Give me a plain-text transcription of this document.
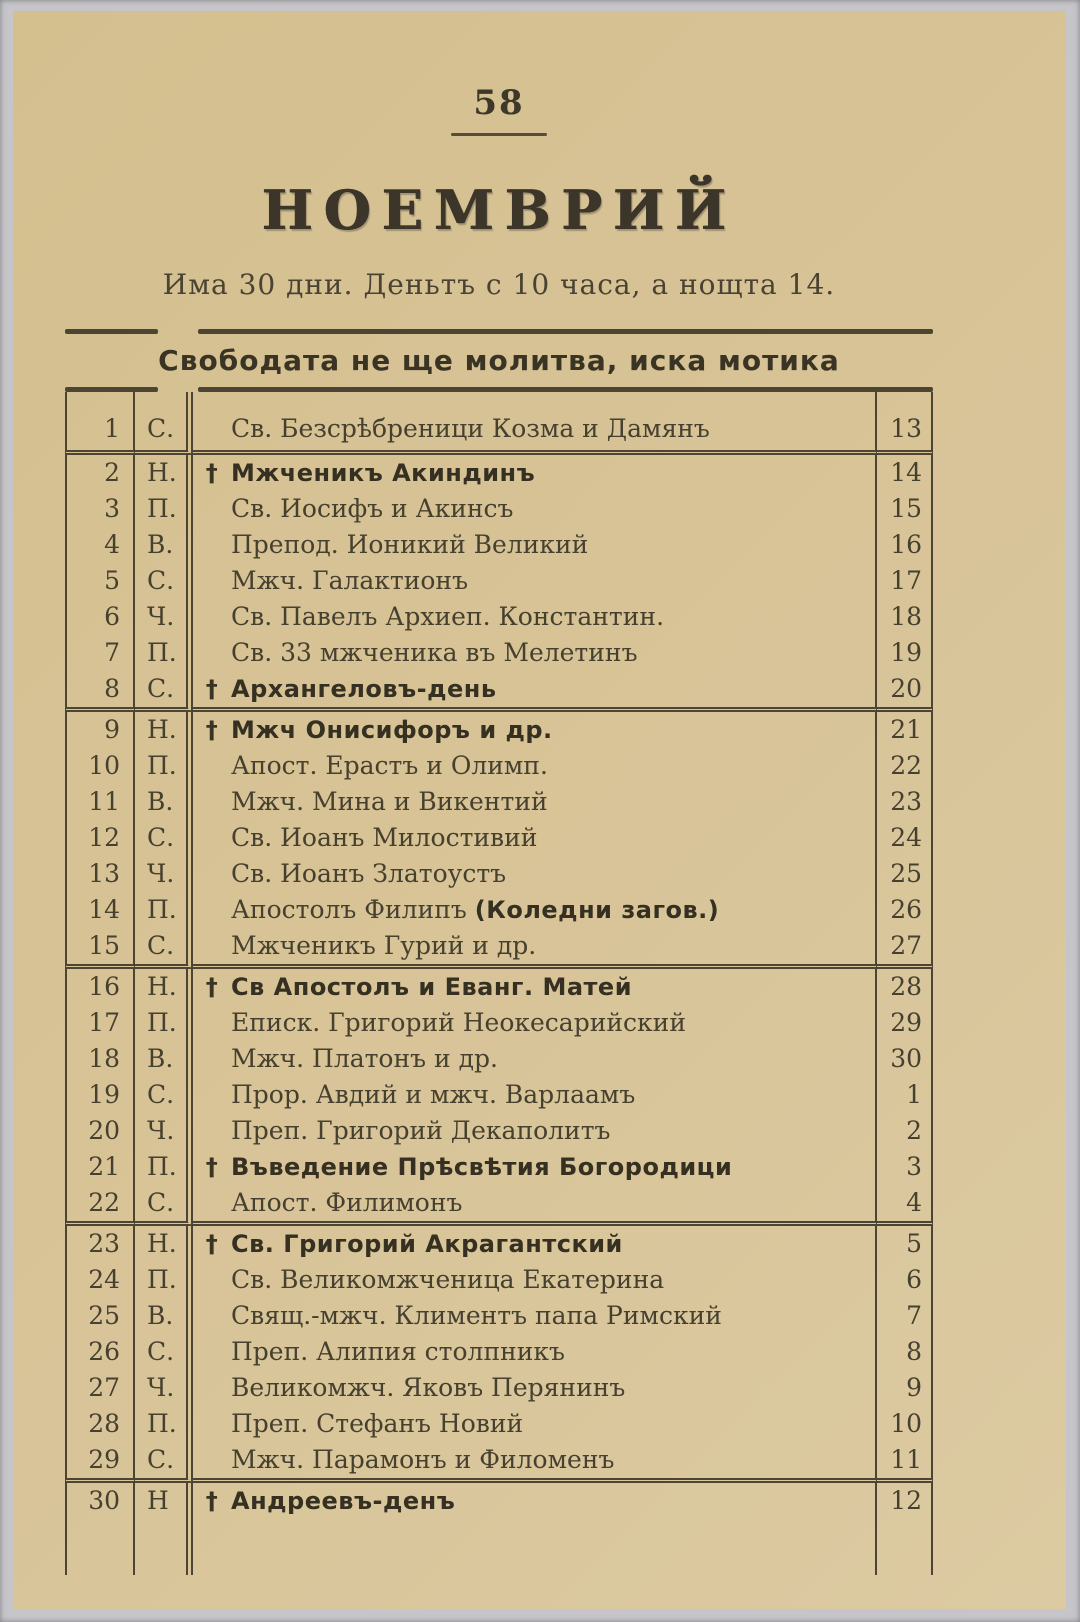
58
НОЕМВРИЙ
Има 30 дни. Деньтъ с 10 часа, а нощта 14.
Свободата не ще молитва, иска мотика
1	С.	Св. Безсрѣбреници Козма и Дамянъ	13
2	Н.	† Мжченикъ Акиндинъ	14
3	П.	Св. Иосифъ и Акинсъ	15
4	В.	Препод. Ионикий Великий	16
5	С.	Мжч. Галактионъ	17
6	Ч.	Св. Павелъ Архиеп. Константин.	18
7	П.	Св. 33 мжченика въ Мелетинъ	19
8	С.	† Архангеловъ-день	20
9	Н.	† Мжч Онисифоръ и др.	21
10	П.	Апост. Ерастъ и Олимп.	22
11	В.	Мжч. Мина и Викентий	23
12	С.	Св. Иоанъ Милостивий	24
13	Ч.	Св. Иоанъ Златоустъ	25
14	П.	Апостолъ Филипъ (Коледни загов.)	26
15	С.	Мжченикъ Гурий и др.	27
16	Н.	† Св Апостолъ и Еванг. Матей	28
17	П.	Еписк. Григорий Неокесарийский	29
18	В.	Мжч. Платонъ и др.	30
19	С.	Прор. Авдий и мжч. Варлаамъ	1
20	Ч.	Преп. Григорий Декаполитъ	2
21	П.	† Въведение Прѣсвѣтия Богородици	3
22	С.	Апост. Филимонъ	4
23	Н.	† Св. Григорий Акрагантский	5
24	П.	Св. Великомжченица Екатерина	6
25	В.	Свящ.-мжч. Климентъ папа Римский	7
26	С.	Преп. Алипия столпникъ	8
27	Ч.	Великомжч. Яковъ Перянинъ	9
28	П.	Преп. Стефанъ Новий	10
29	С.	Мжч. Парамонъ и Филоменъ	11
30	Н	† Андреевъ-денъ	12
